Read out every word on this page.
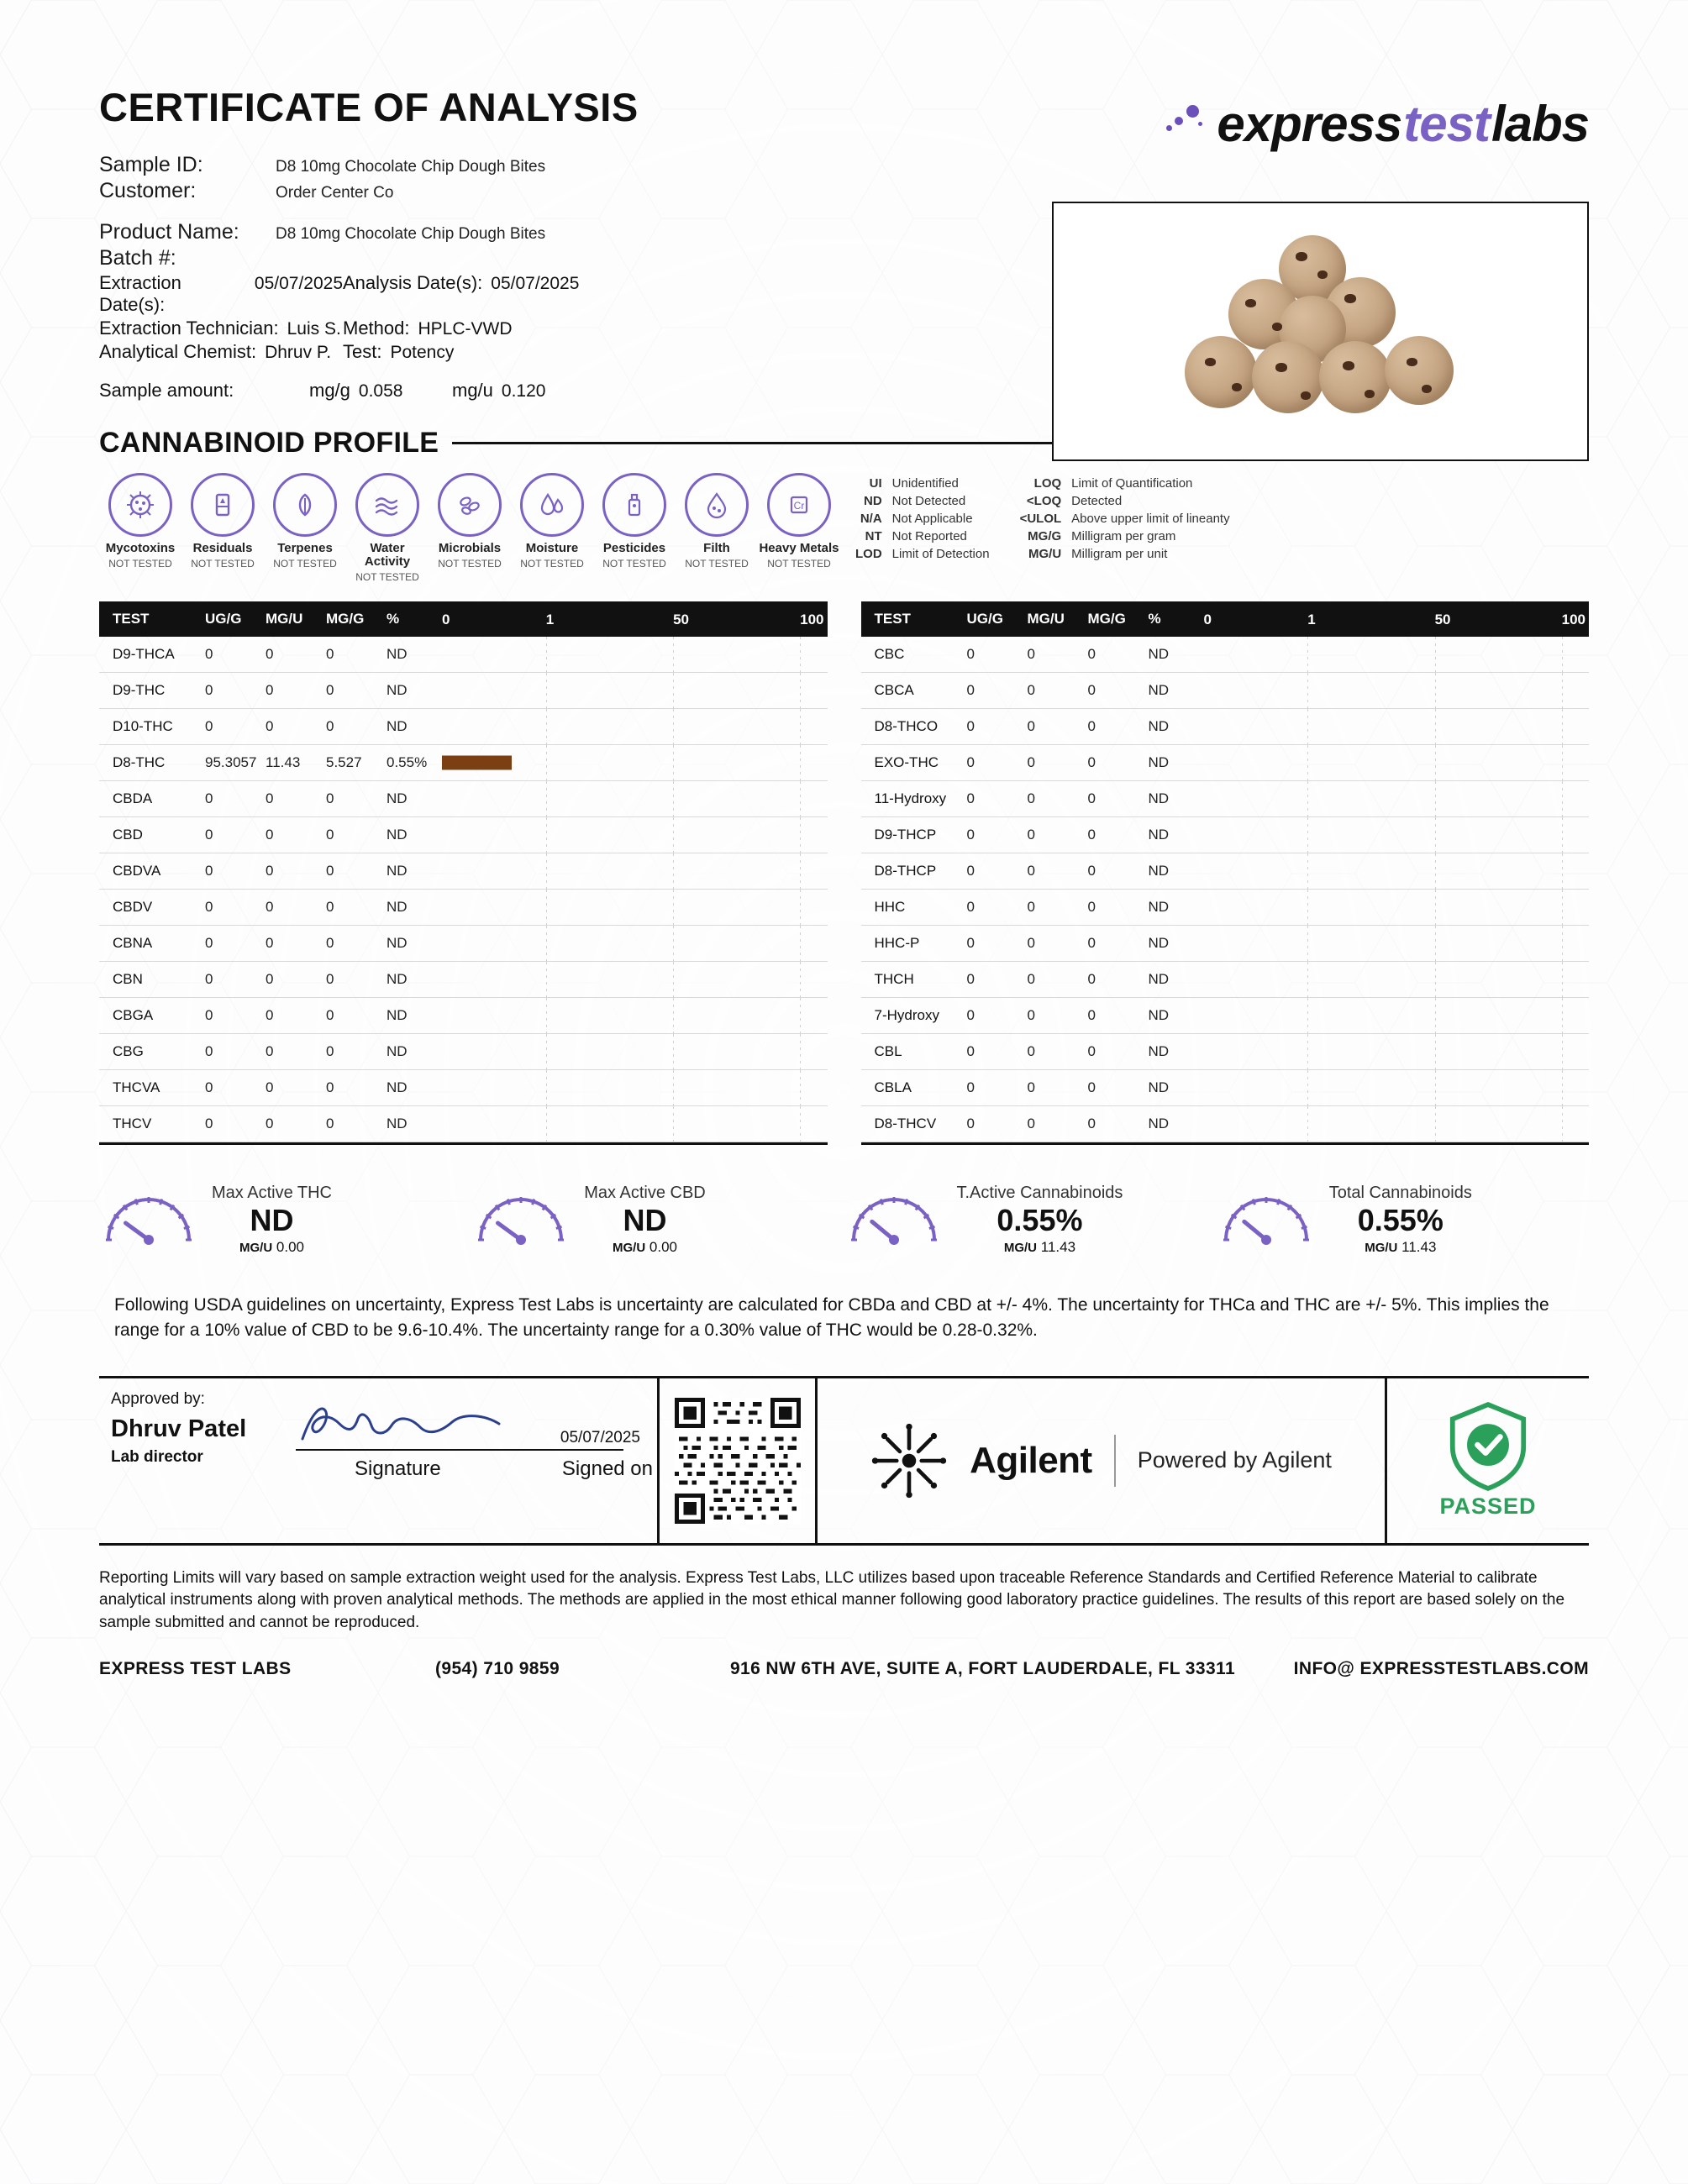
CERTIFICATE OF ANALYSIS	express test labs
Sample ID:	D8 10mg Chocolate Chip Dough Bites
Customer:	Order Center Co
Product Name:	D8 10mg Chocolate Chip Dough Bites
Batch #:
Extraction Date(s):
05/07/2025 Analysis Date(s): 05/07/2025
Extraction Technician: Luis S. Method: HPLC-VWD
Analytical Chemist: Dhruv P. Test: Potency
Sample amount:	mg/g 0.058	mg/u 0.120
CANNABINOID PROFILE
Mycotoxins
NOT TESTED
Residuals
NOT TESTED
Terpenes
NOT TESTED
Water Activity
NOT TESTED
Microbials
NOT TESTED
Moisture
NOT TESTED
Pesticides
NOT TESTED
Filth
NOT TESTED
Cr
Heavy Metals
NOT TESTED
UI Unidentified
ND Not Detected
N/A Not Applicable
NT Not Reported
LOD Limit of Detection
LOQ Limit of Quantification
<LOQ Detected
<ULOL Above upper limit of lineanty
MG/G Milligram per gram
MG/U Milligram per unit
TEST	UG/G	MG/U	MG/G	%	0	1	50	100
D9-THCA	0	0	0	ND
D9-THC	0	0	0	ND
D10-THC	0	0	0	ND
D8-THC	95.3057 11.43	5.527	0.55%
CBDA	0	0	0	ND
CBD	0	0	0	ND
CBDVA	0	0	0	ND
CBDV	0	0	0	ND
CBNA	0	0	0	ND
CBN	0	0	0	ND
CBGA	0	0	0	ND
CBG	0	0	0	ND
THCVA	0	0	0	ND
THCV	0	0	0	ND
TEST	UG/G	MG/U	MG/G	%	0	1	50	100
CBC	0	0	0	ND
CBCA	0	0	0	ND
D8-THCO	0	0	0	ND
EXO-THC	0	0	0	ND
11-Hydroxy	0	0	0	ND
D9-THCP	0	0	0	ND
D8-THCP	0	0	0	ND
HHC	0	0	0	ND
HHC-P	0	0	0	ND
THCH	0	0	0	ND
7-Hydroxy	0	0	0	ND
CBL	0	0	0	ND
CBLA	0	0	0	ND
D8-THCV	0	0	0	ND
Max Active THC
ND
MG/U 0.00
Max Active CBD
ND
MG/U 0.00
T.Active Cannabinoids
0.55%
MG/U 11.43
Total Cannabinoids
0.55%
MG/U 11.43
Following USDA guidelines on uncertainty, Express Test Labs is uncertainty are calculated for CBDa and CBD at +/- 4%. The uncertainty for THCa and THC are +/- 5%. This implies the range for a 10% value of CBD to be 9.6-10.4%. The uncertainty range for a 0.30% value of THC would be 0.28-0.32%.
Approved by:
Dhruv Patel
Lab director
Signature
05/07/2025
Signed on	Agilent Powered by Agilent
PASSED
Reporting Limits will vary based on sample extraction weight used for the analysis. Express Test Labs, LLC utilizes based upon traceable Reference Standards and Certified Reference Material to calibrate analytical instruments along with proven analytical methods. The methods are applied in the most ethical manner following good laboratory practice guidelines. The results of this report are based solely on the sample submitted and cannot be reproduced.
EXPRESS TEST LABS	(954) 710 9859	916 NW 6TH AVE, SUITE A, FORT LAUDERDALE, FL 33311	INFO@ EXPRESSTESTLABS.COM
